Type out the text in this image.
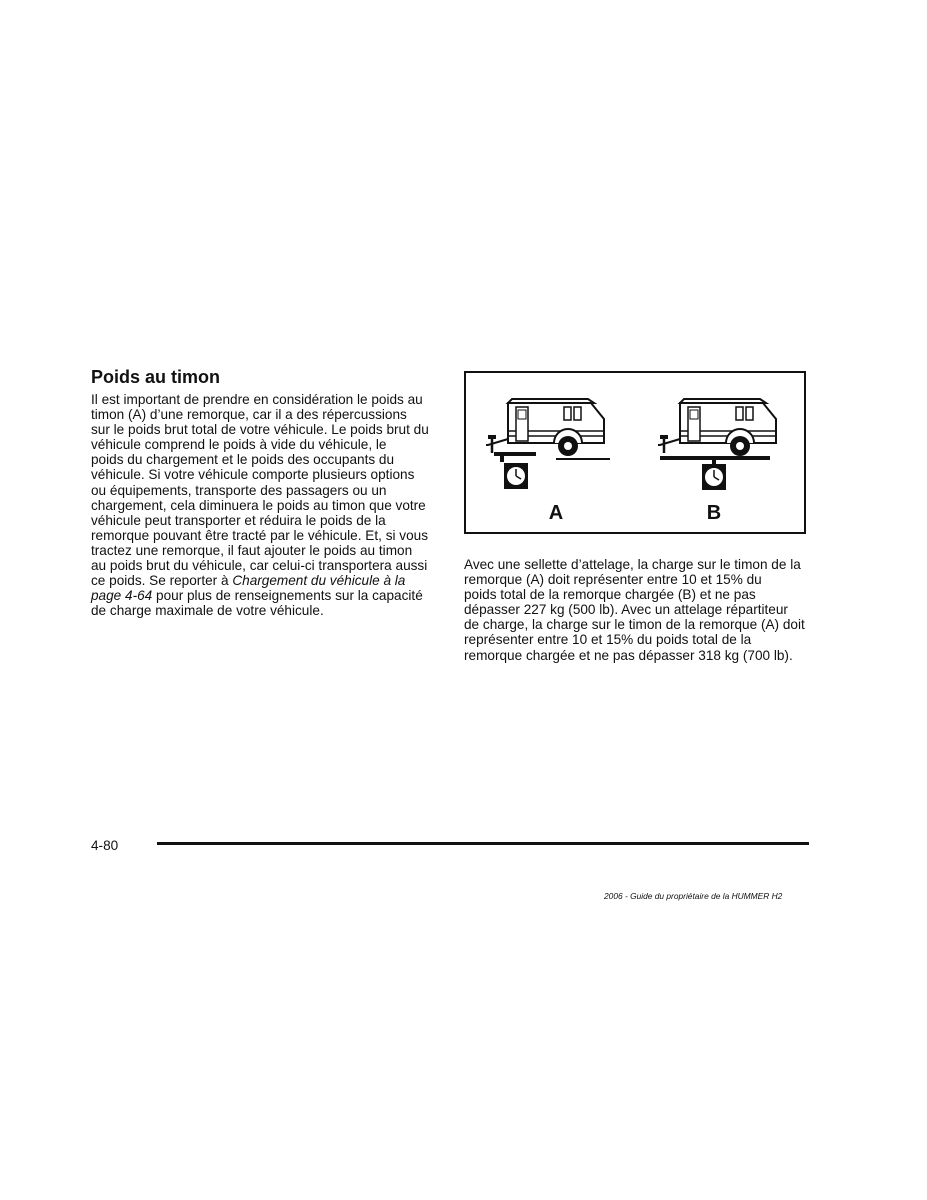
Poids au timon
Il est important de prendre en considération le poids au
timon (A) d’une remorque, car il a des répercussions
sur le poids brut total de votre véhicule. Le poids brut du
véhicule comprend le poids à vide du véhicule, le
poids du chargement et le poids des occupants du
véhicule. Si votre véhicule comporte plusieurs options
ou équipements, transporte des passagers ou un
chargement, cela diminuera le poids au timon que votre
véhicule peut transporter et réduira le poids de la
remorque pouvant être tracté par le véhicule. Et, si vous
tractez une remorque, il faut ajouter le poids au timon
au poids brut du véhicule, car celui-ci transportera aussi
ce poids. Se reporter à Chargement du véhicule à la
page 4-64 pour plus de renseignements sur la capacité
de charge maximale de votre véhicule.
A	B
Avec une sellette d’attelage, la charge sur le timon de la
remorque (A) doit représenter entre 10 et 15% du
poids total de la remorque chargée (B) et ne pas
dépasser 227 kg (500 lb). Avec un attelage répartiteur
de charge, la charge sur le timon de la remorque (A) doit
représenter entre 10 et 15% du poids total de la
remorque chargée et ne pas dépasser 318 kg (700 lb).
4-80
2006 - Guide du propriétaire de la HUMMER H2
